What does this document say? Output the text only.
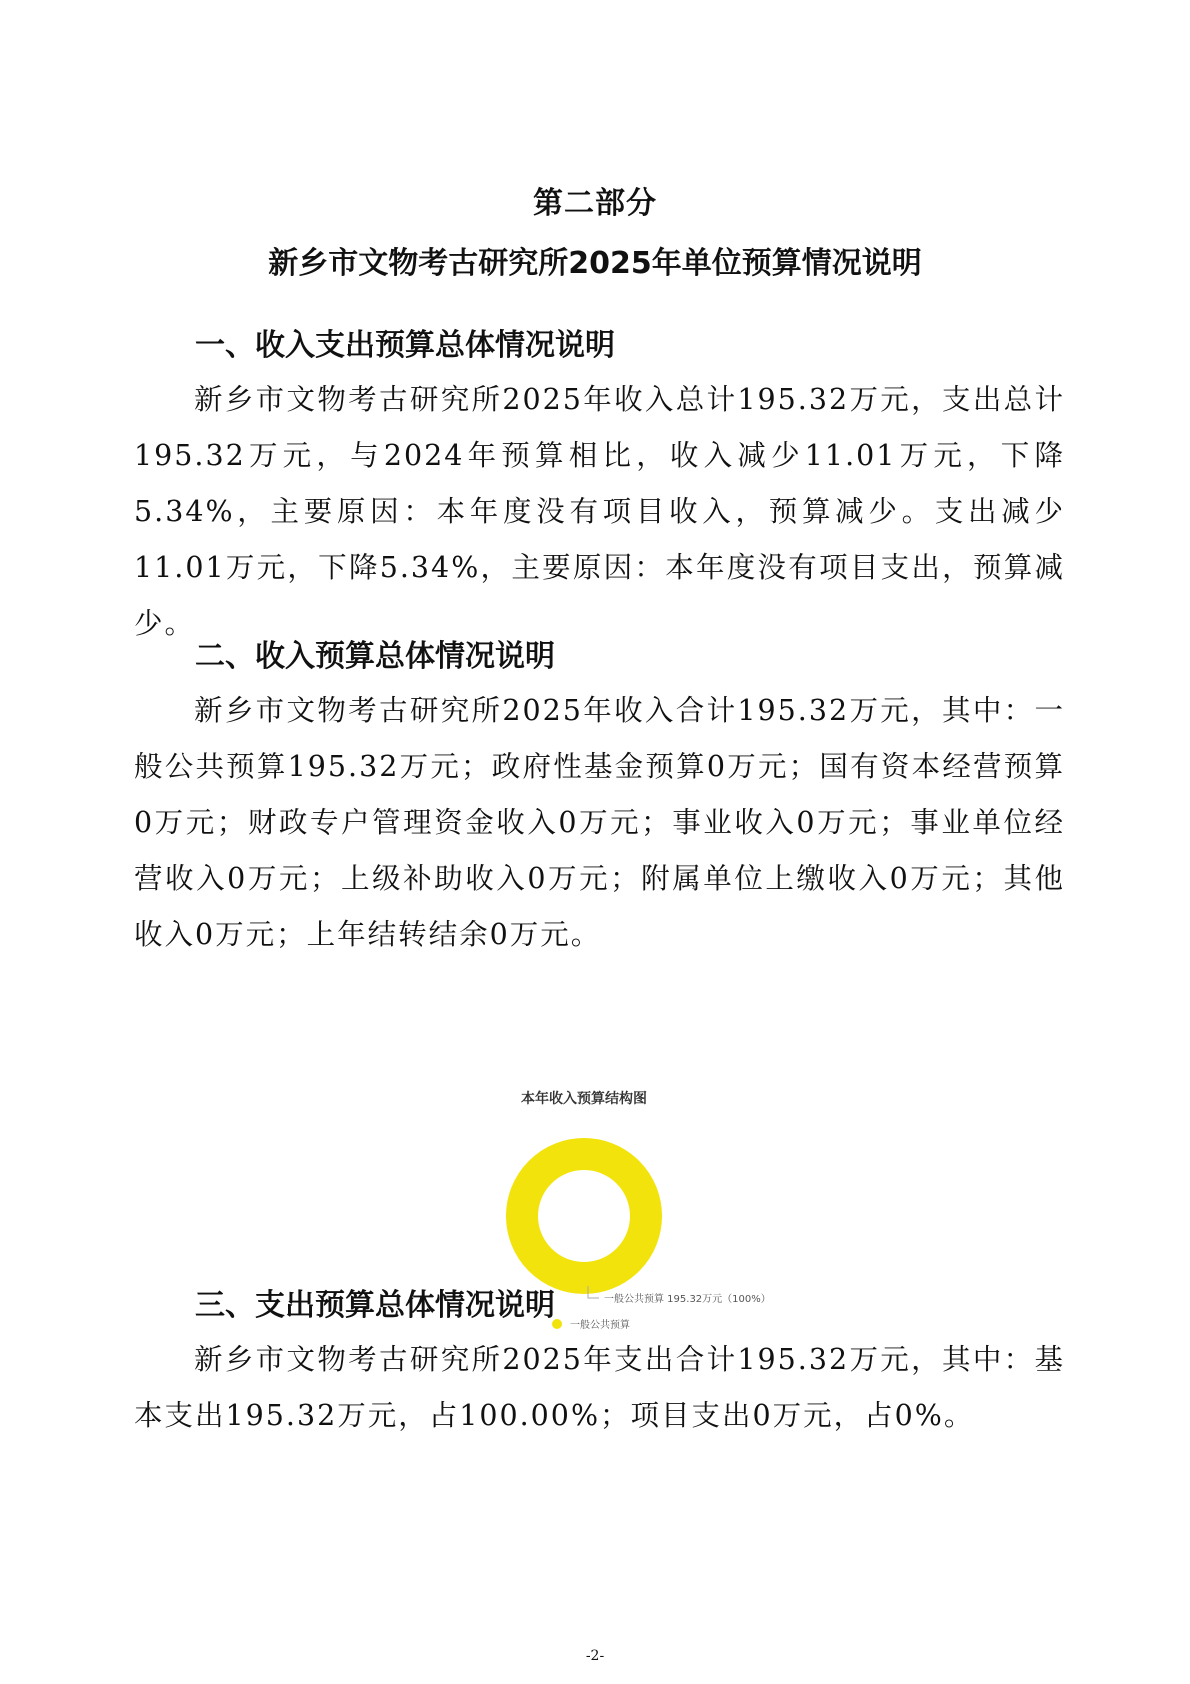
第二部分
新乡市文物考古研究所2025年单位预算情况说明
一、收入支出预算总体情况说明
新乡市文物考古研究所2025年收入总计195.32万元，支出总计195.32万元，与2024年预算相比，收入减少11.01万元，下降5.34%，主要原因：本年度没有项目收入，预算减少。支出减少11.01万元，下降5.34%，主要原因：本年度没有项目支出，预算减少。
二、收入预算总体情况说明
新乡市文物考古研究所2025年收入合计195.32万元，其中：一般公共预算195.32万元；政府性基金预算0万元；国有资本经营预算0万元；财政专户管理资金收入0万元；事业收入0万元；事业单位经营收入0万元；上级补助收入0万元；附属单位上缴收入0万元；其他收入0万元；上年结转结余0万元。
本年收入预算结构图
一般公共预算 195.32万元（100%）
一般公共预算
三、支出预算总体情况说明
新乡市文物考古研究所2025年支出合计195.32万元，其中：基本支出195.32万元，占100.00%；项目支出0万元，占0%。
-2-
